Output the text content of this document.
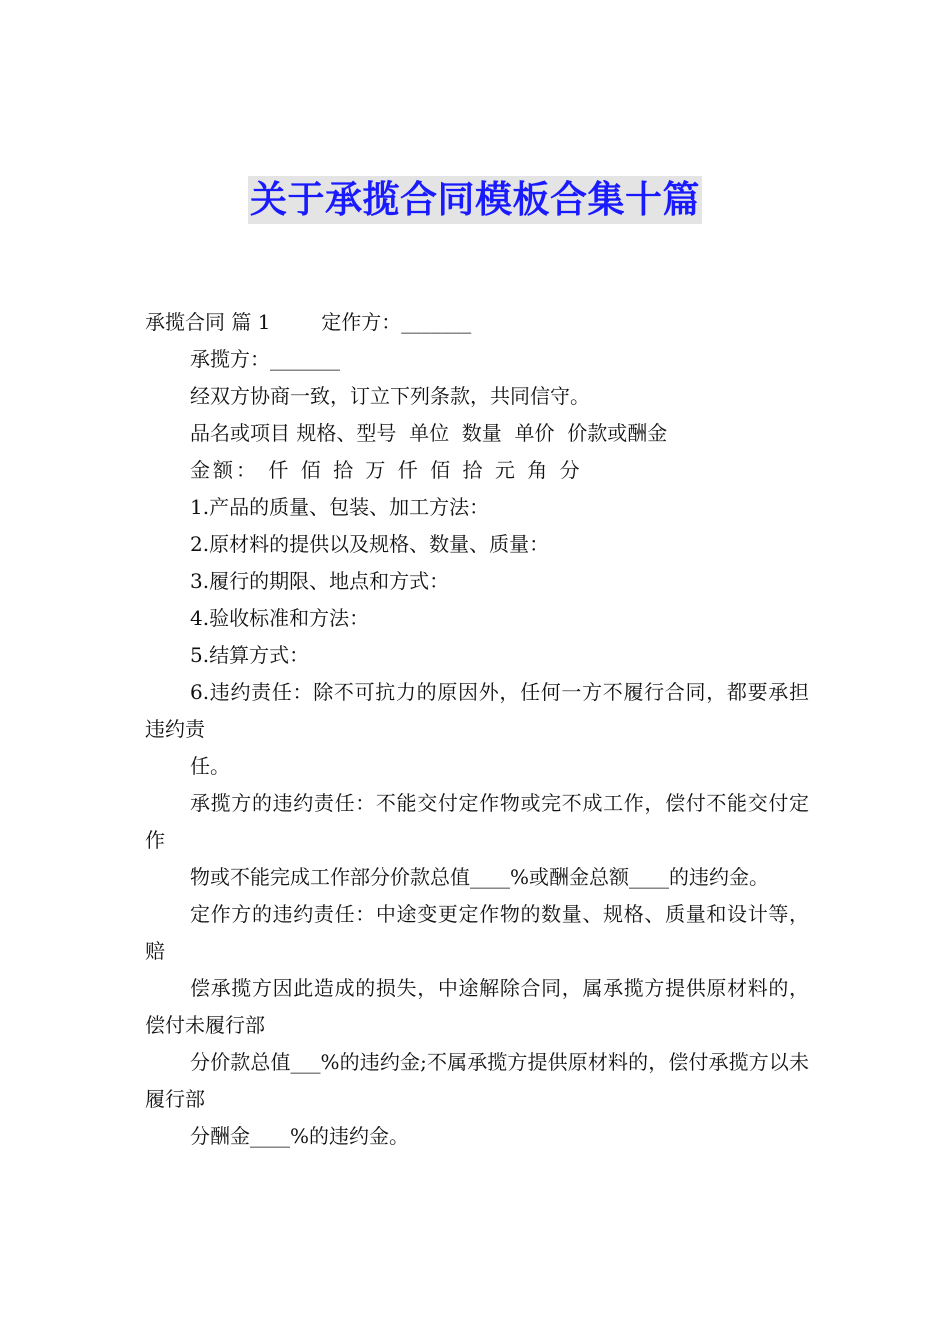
关于承揽合同模板合集十篇

承揽合同 篇 1        定作方：_______

承揽方：_______

经双方协商一致，订立下列条款，共同信守。

品名或项目 规格、型号  单位  数量  单价  价款或酬金

金额： 仟 佰 拾 万 仟 佰 拾 元 角 分

1.产品的质量、包装、加工方法：

2.原材料的提供以及规格、数量、质量：

3.履行的期限、地点和方式：

4.验收标准和方法：

5.结算方式：

6.违约责任：除不可抗力的原因外，任何一方不履行合同，都要承担违约责

任。

承揽方的违约责任：不能交付定作物或完不成工作，偿付不能交付定作

物或不能完成工作部分价款总值____%或酬金总额____的违约金。

定作方的违约责任：中途变更定作物的数量、规格、质量和设计等，赔

偿承揽方因此造成的损失，中途解除合同，属承揽方提供原材料的，偿付未履行部

分价款总值___%的违约金;不属承揽方提供原材料的，偿付承揽方以未履行部

分酬金____%的违约金。
